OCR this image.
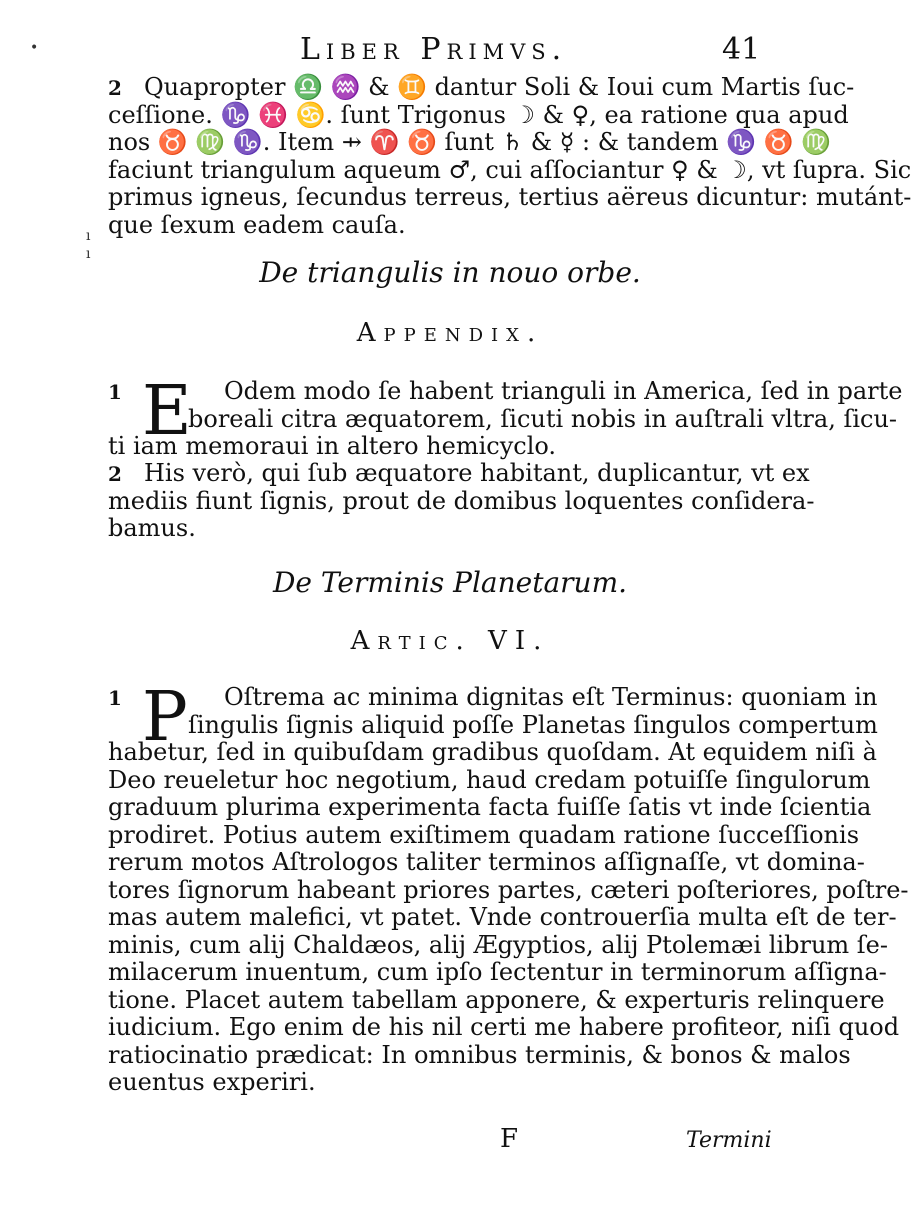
Liber Primvs.	41
•
ı
ı
2 Quapropter ♎ ♒ & ♊ dantur Soli & Ioui cum Martis ſuc-
ceſſione. ♑ ♓ ♋. ſunt Trigonus ☽ & ♀, ea ratione qua apud
nos ♉ ♍ ♑. Item ⇸ ♈ ♉ ſunt ♄ & ☿ : & tandem ♑ ♉ ♍
faciunt triangulum aqueum ♂, cui aſſociantur ♀ & ☽, vt ſupra. Sic
primus igneus, ſecundus terreus, tertius aëreus dicuntur: mutánt-
que ſexum eadem cauſa.
De triangulis in nouo orbe.
Appendix.
1	Odem modo ſe habent trianguli in America, ſed in parte
boreali citra æquatorem, ſicuti nobis in auſtrali vltra, ſicu-
ti iam memoraui in altero hemicyclo.
E
2 His verò, qui ſub æquatore habitant, duplicantur, vt ex
mediis fiunt ſignis, prout de domibus loquentes conſidera-
bamus.
De Terminis Planetarum.
Artic. VI.
1	Oſtrema ac minima dignitas eſt Terminus: quoniam in
ſingulis ſignis aliquid poſſe Planetas ſingulos compertum
habetur, ſed in quibuſdam gradibus quoſdam. At equidem niſi à
Deo reueletur hoc negotium, haud credam potuiſſe ſingulorum
graduum plurima experimenta facta fuiſſe ſatis vt inde ſcientia
prodiret. Potius autem exiſtimem quadam ratione ſucceſſionis
rerum motos Aſtrologos taliter terminos aſſignaſſe, vt domina-
tores ſignorum habeant priores partes, cæteri poſteriores, poſtre-
mas autem malefici, vt patet. Vnde controuerſia multa eſt de ter-
minis, cum alij Chaldæos, alij Ægyptios, alij Ptolemæi librum ſe-
milacerum inuentum, cum ipſo ſectentur in terminorum aſſigna-
tione. Placet autem tabellam apponere, & experturis relinquere
iudicium. Ego enim de his nil certi me habere profiteor, niſi quod
ratiocinatio prædicat: In omnibus terminis, & bonos & malos
euentus experiri.
P
F	Termini
